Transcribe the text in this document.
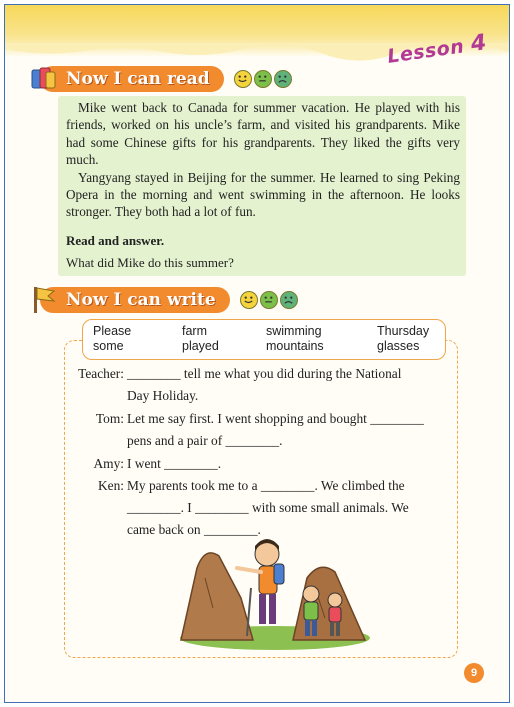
Lesson 4
Now I can read

Mike went back to Canada for summer vacation. He played with his friends, worked on his uncle’s farm, and visited his grandparents. Mike had some Chinese gifts for his grandparents. They liked the gifts very much.

Yangyang stayed in Beijing for the summer. He learned to sing Peking Opera in the morning and went swimming in the afternoon. He looks stronger. They both had a lot of fun.

Read and answer.
What did Mike do this summer?
Now I can write
Please	farm	swimming	Thursday
some	played	mountains	glasses
Teacher: ________ tell me what you did during the National
Day Holiday.
Tom: Let me say first. I went shopping and bought ________
pens and a pair of ________.
Amy: I went ________.
Ken: My parents took me to a ________. We climbed the
________. I ________ with some small animals. We
came back on ________.
9
